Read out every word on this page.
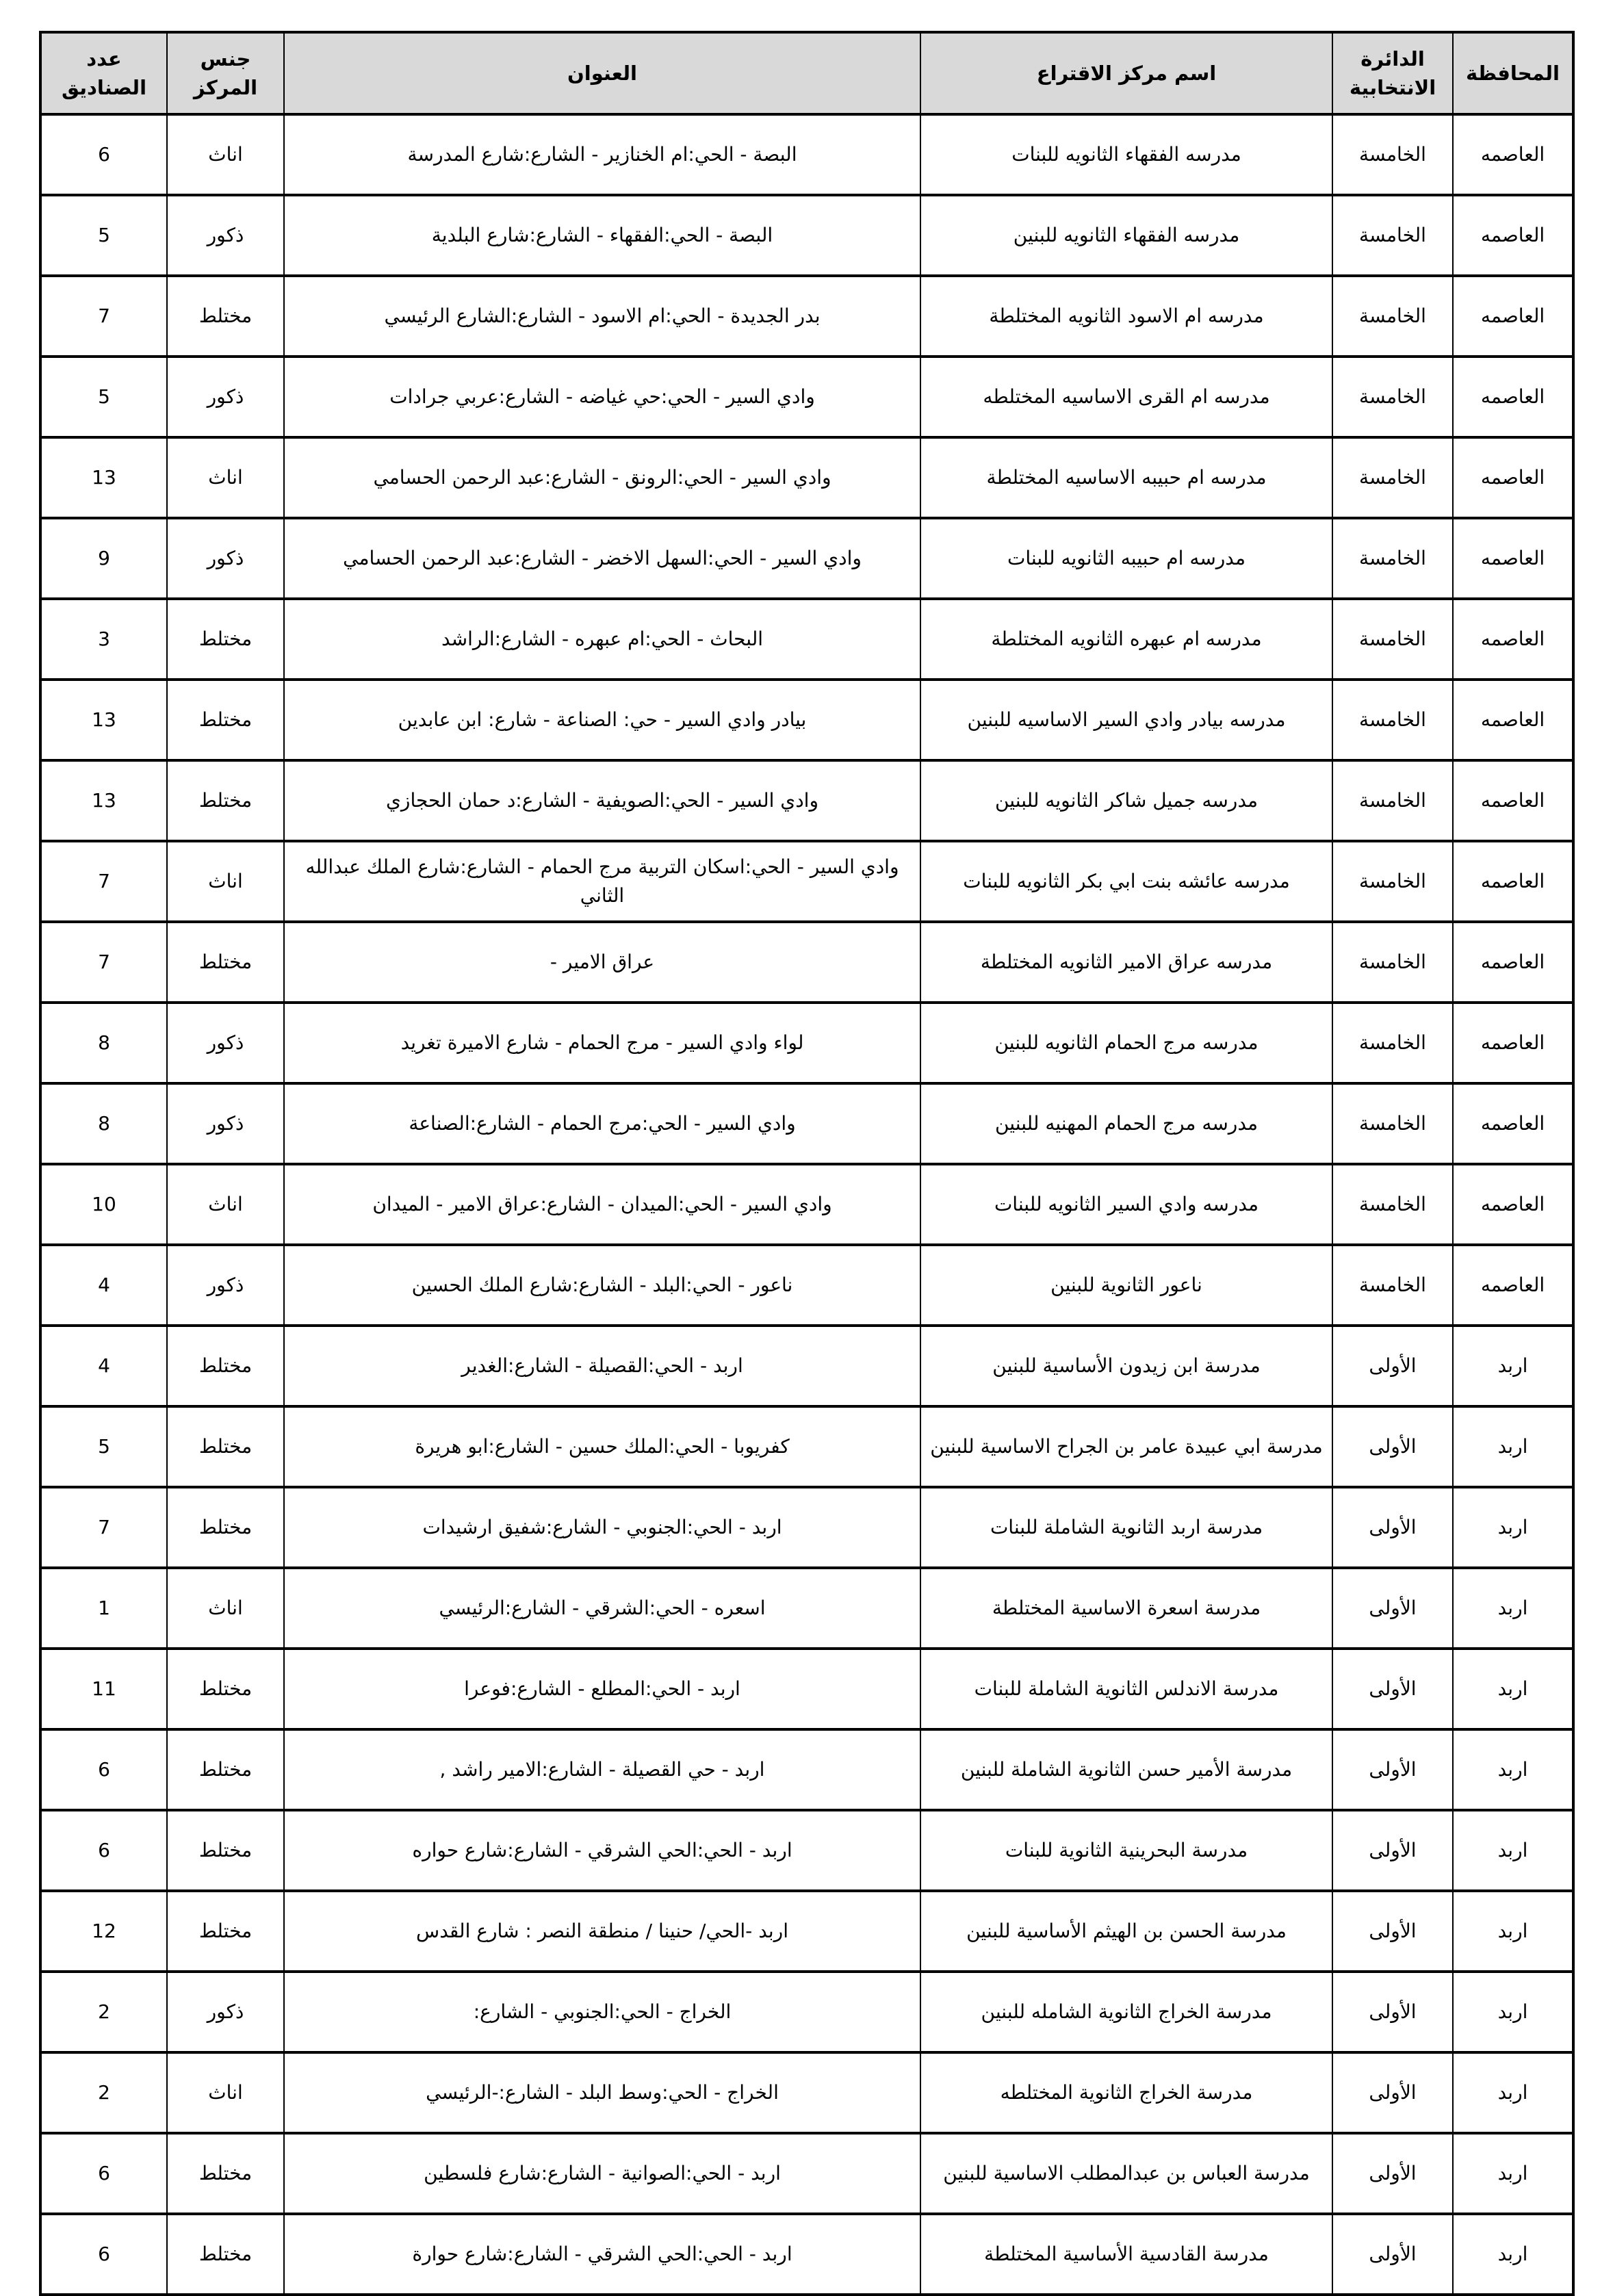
المحافظة	الدائرة الانتخابية	اسم مركز الاقتراع	العنوان	جنس المركز	عدد الصناديق
العاصمه	الخامسة	مدرسه الفقهاء الثانويه للبنات	البصة - الحي:ام الخنازير - الشارع:شارع المدرسة	اناث	6
العاصمه	الخامسة	مدرسه الفقهاء الثانويه للبنين	البصة - الحي:الفقهاء - الشارع:شارع البلدية	ذكور	5
العاصمه	الخامسة	مدرسه ام الاسود الثانويه المختلطة	بدر الجديدة - الحي:ام الاسود - الشارع:الشارع الرئيسي	مختلط	7
العاصمه	الخامسة	مدرسه ام القرى الاساسيه المختلطه	وادي السير - الحي:حي غياضه - الشارع:عربي جرادات	ذكور	5
العاصمه	الخامسة	مدرسه ام حبيبه الاساسيه المختلطة	وادي السير - الحي:الرونق - الشارع:عبد الرحمن الحسامي	اناث	13
العاصمه	الخامسة	مدرسه ام حبيبه الثانويه للبنات	وادي السير - الحي:السهل الاخضر - الشارع:عبد الرحمن الحسامي	ذكور	9
العاصمه	الخامسة	مدرسه ام عبهره الثانويه المختلطة	البحاث - الحي:ام عبهره - الشارع:الراشد	مختلط	3
العاصمه	الخامسة	مدرسه بيادر وادي السير الاساسيه للبنين	بيادر وادي السير - حي: الصناعة - شارع: ابن عابدين	مختلط	13
العاصمه	الخامسة	مدرسه جميل شاكر الثانويه للبنين	وادي السير - الحي:الصويفية - الشارع:د حمان الحجازي	مختلط	13
العاصمه	الخامسة	مدرسه عائشه بنت ابي بكر الثانويه للبنات	وادي السير - الحي:اسكان التربية مرج الحمام - الشارع:شارع الملك عبدالله الثاني	اناث	7
العاصمه	الخامسة	مدرسه عراق الامير الثانويه المختلطة	عراق الامير -	مختلط	7
العاصمه	الخامسة	مدرسه مرج الحمام الثانويه للبنين	لواء وادي السير - مرج الحمام - شارع الاميرة تغريد	ذكور	8
العاصمه	الخامسة	مدرسه مرج الحمام المهنيه للبنين	وادي السير - الحي:مرج الحمام - الشارع:الصناعة	ذكور	8
العاصمه	الخامسة	مدرسه وادي السير الثانويه للبنات	وادي السير - الحي:الميدان - الشارع:عراق الامير - الميدان	اناث	10
العاصمه	الخامسة	ناعور الثانوية للبنين	ناعور - الحي:البلد - الشارع:شارع الملك الحسين	ذكور	4
اربد	الأولى	مدرسة ابن زيدون الأساسية للبنين	اربد - الحي:القصيلة - الشارع:الغدير	مختلط	4
اربد	الأولى	مدرسة ابي عبيدة عامر بن الجراح الاساسية للبنين	كفريوبا - الحي:الملك حسين - الشارع:ابو هريرة	مختلط	5
اربد	الأولى	مدرسة اربد الثانوية الشاملة للبنات	اربد - الحي:الجنوبي - الشارع:شفيق ارشيدات	مختلط	7
اربد	الأولى	مدرسة اسعرة الاساسية المختلطة	اسعره - الحي:الشرقي - الشارع:الرئيسي	اناث	1
اربد	الأولى	مدرسة الاندلس الثانوية الشاملة للبنات	اربد - الحي:المطلع - الشارع:فوعرا	مختلط	11
اربد	الأولى	مدرسة الأمير حسن الثانوية الشاملة للبنين	اربد - حي القصيلة - الشارع:الامير راشد ,	مختلط	6
اربد	الأولى	مدرسة البحرينية الثانوية للبنات	اربد - الحي:الحي الشرقي - الشارع:شارع حواره	مختلط	6
اربد	الأولى	مدرسة الحسن بن الهيثم الأساسية للبنين	اربد -الحي/ حنينا / منطقة النصر : شارع القدس	مختلط	12
اربد	الأولى	مدرسة الخراج الثانوية الشامله للبنين	الخراج - الحي:الجنوبي - الشارع:	ذكور	2
اربد	الأولى	مدرسة الخراج الثانوية المختلطه	الخراج - الحي:وسط البلد - الشارع:-الرئيسي	اناث	2
اربد	الأولى	مدرسة العباس بن عبدالمطلب الاساسية للبنين	اربد - الحي:الصوانية - الشارع:شارع فلسطين	مختلط	6
اربد	الأولى	مدرسة القادسية الأساسية المختلطة	اربد - الحي:الحي الشرقي - الشارع:شارع حوارة	مختلط	6
